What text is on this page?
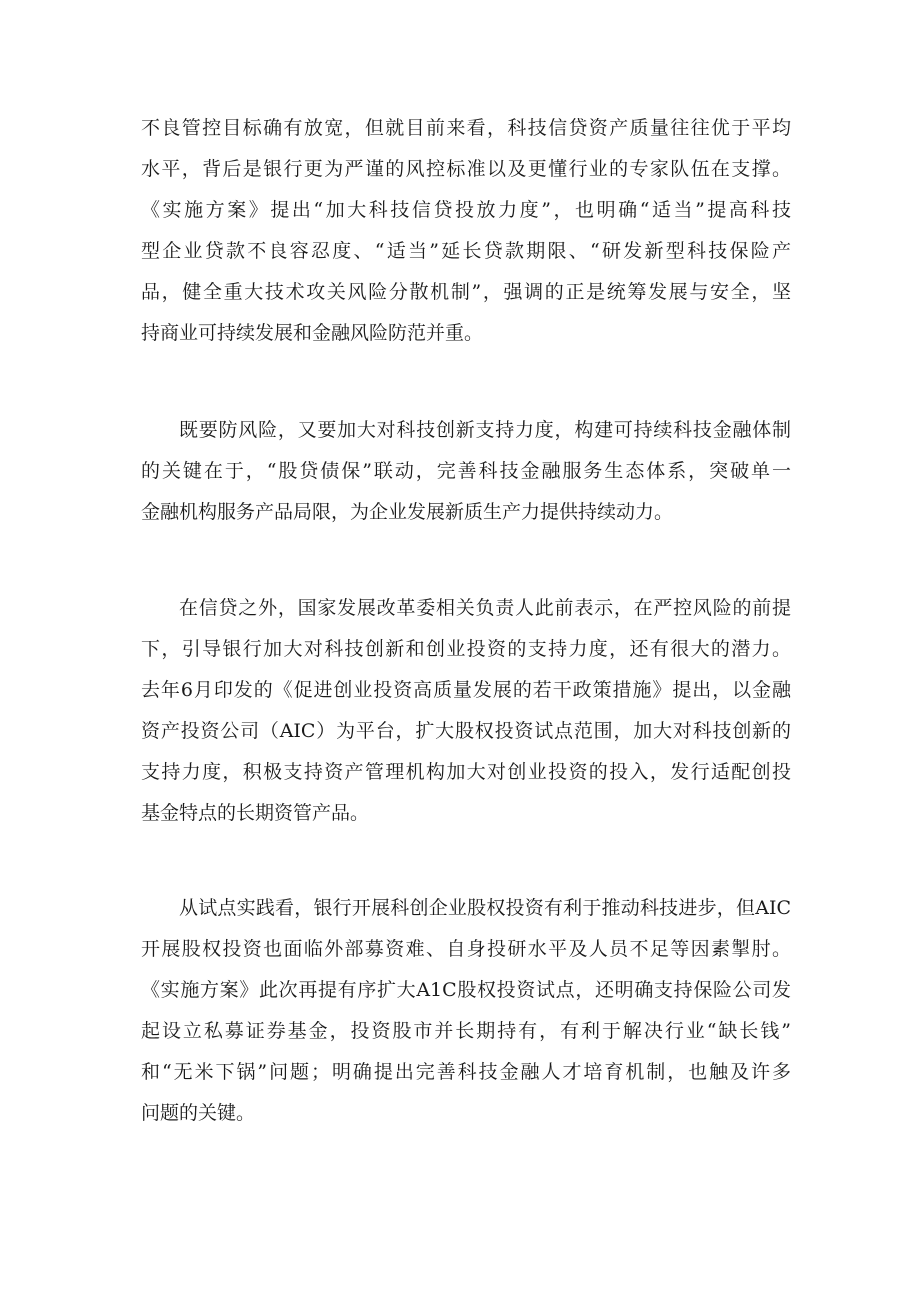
不良管控目标确有放宽，但就目前来看，科技信贷资产质量往往优于平均
水平，背后是银行更为严谨的风控标准以及更懂行业的专家队伍在支撑。
《实施方案》提出“加大科技信贷投放力度”，也明确“适当”提高科技
型企业贷款不良容忍度、“适当”延长贷款期限、“研发新型科技保险产
品，健全重大技术攻关风险分散机制”，强调的正是统筹发展与安全，坚
持商业可持续发展和金融风险防范并重。
既要防风险，又要加大对科技创新支持力度，构建可持续科技金融体制
的关键在于，“股贷债保”联动，完善科技金融服务生态体系，突破单一
金融机构服务产品局限，为企业发展新质生产力提供持续动力。
在信贷之外，国家发展改革委相关负责人此前表示，在严控风险的前提
下，引导银行加大对科技创新和创业投资的支持力度，还有很大的潜力。
去年6月印发的《促进创业投资高质量发展的若干政策措施》提出，以金融
资产投资公司（AIC）为平台，扩大股权投资试点范围，加大对科技创新的
支持力度，积极支持资产管理机构加大对创业投资的投入，发行适配创投
基金特点的长期资管产品。
从试点实践看，银行开展科创企业股权投资有利于推动科技进步，但AIC
开展股权投资也面临外部募资难、自身投研水平及人员不足等因素掣肘。
《实施方案》此次再提有序扩大A1C股权投资试点，还明确支持保险公司发
起设立私募证券基金，投资股市并长期持有，有利于解决行业“缺长钱”
和“无米下锅”问题；明确提出完善科技金融人才培育机制，也触及许多
问题的关键。
